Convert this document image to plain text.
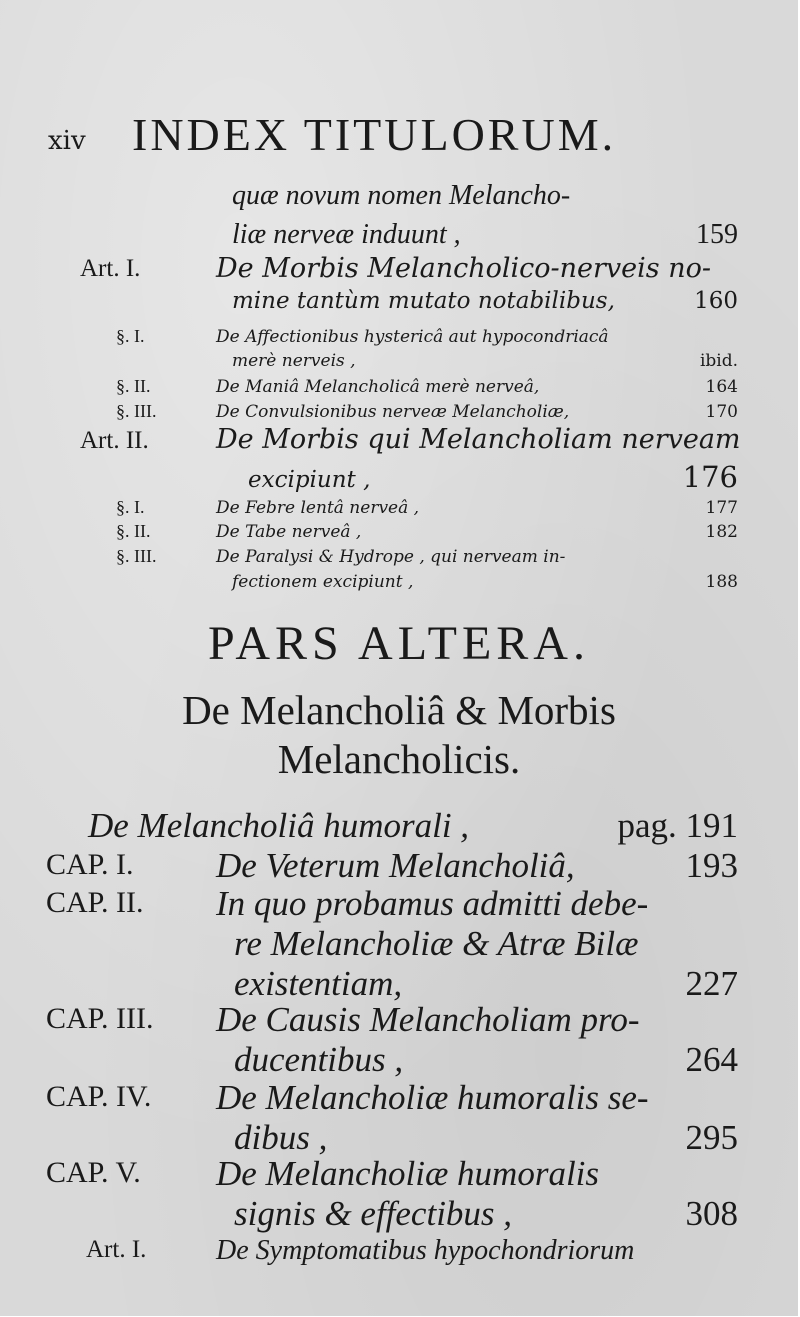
xiv INDEX TITULORUM.
quæ novum nomen Melancho-
liæ nerveæ induunt ,	159
Art. I.	De Morbis Melancholico-nerveis no-
mine tantùm mutato notabilibus,	160
§. I.	De Affectionibus hystericâ aut hypocondriacâ
merè nerveis ,	ibid.
§. II.	De Maniâ Melancholicâ merè nerveâ,	164
§. III.	De Convulsionibus nerveæ Melancholiæ,	170
Art. II. De Morbis qui Melancholiam nerveam
excipiunt ,	176
§. I.	De Febre lentâ nerveâ ,	177
§. II.	De Tabe nerveâ ,	182
§. III.	De Paralysi & Hydrope , qui nerveam in-
fectionem excipiunt ,	188
PARS ALTERA.
De Melancholiâ & Morbis
Melancholicis.
De Melancholiâ humorali ,	pag. 191
CAP. I. De Veterum Melancholiâ,	193
CAP. II. In quo probamus admitti debe-
re Melancholiæ & Atræ Bilæ
existentiam,	227
CAP. III. De Causis Melancholiam pro-
ducentibus ,	264
CAP. IV. De Melancholiæ humoralis se-
dibus ,	295
CAP. V. De Melancholiæ humoralis
signis & effectibus ,	308
Art. I. De Symptomatibus hypochondriorum
